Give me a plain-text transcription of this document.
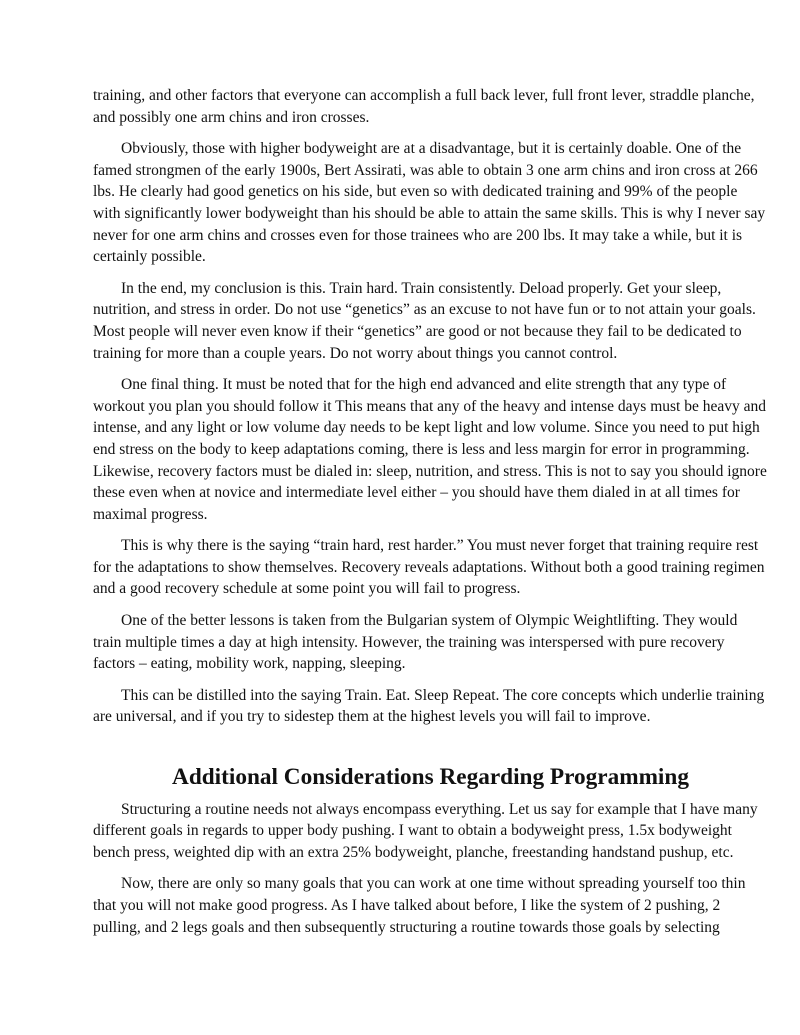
training, and other factors that everyone can accomplish a full back lever, full front lever, straddle planche, and possibly one arm chins and iron crosses.

Obviously, those with higher bodyweight are at a disadvantage, but it is certainly doable. One of the famed strongmen of the early 1900s, Bert Assirati, was able to obtain 3 one arm chins and iron cross at 266 lbs. He clearly had good genetics on his side, but even so with dedicated training and 99% of the people with significantly lower bodyweight than his should be able to attain the same skills. This is why I never say never for one arm chins and crosses even for those trainees who are 200 lbs. It may take a while, but it is certainly possible.

In the end, my conclusion is this. Train hard. Train consistently. Deload properly. Get your sleep, nutrition, and stress in order. Do not use “genetics” as an excuse to not have fun or to not attain your goals. Most people will never even know if their “genetics” are good or not because they fail to be dedicated to training for more than a couple years. Do not worry about things you cannot control.

One final thing. It must be noted that for the high end advanced and elite strength that any type of workout you plan you should follow it This means that any of the heavy and intense days must be heavy and intense, and any light or low volume day needs to be kept light and low volume. Since you need to put high end stress on the body to keep adaptations coming, there is less and less margin for error in programming. Likewise, recovery factors must be dialed in: sleep, nutrition, and stress. This is not to say you should ignore these even when at novice and intermediate level either – you should have them dialed in at all times for maximal progress.

This is why there is the saying “train hard, rest harder.” You must never forget that training require rest for the adaptations to show themselves. Recovery reveals adaptations. Without both a good training regimen and a good recovery schedule at some point you will fail to progress.

One of the better lessons is taken from the Bulgarian system of Olympic Weightlifting. They would train multiple times a day at high intensity. However, the training was interspersed with pure recovery factors – eating, mobility work, napping, sleeping.

This can be distilled into the saying Train. Eat. Sleep Repeat. The core concepts which underlie training are universal, and if you try to sidestep them at the highest levels you will fail to improve.

Additional Considerations Regarding Programming

Structuring a routine needs not always encompass everything. Let us say for example that I have many different goals in regards to upper body pushing. I want to obtain a bodyweight press, 1.5x bodyweight bench press, weighted dip with an extra 25% bodyweight, planche, freestanding handstand pushup, etc.

Now, there are only so many goals that you can work at one time without spreading yourself too thin that you will not make good progress. As I have talked about before, I like the system of 2 pushing, 2 pulling, and 2 legs goals and then subsequently structuring a routine towards those goals by selecting
